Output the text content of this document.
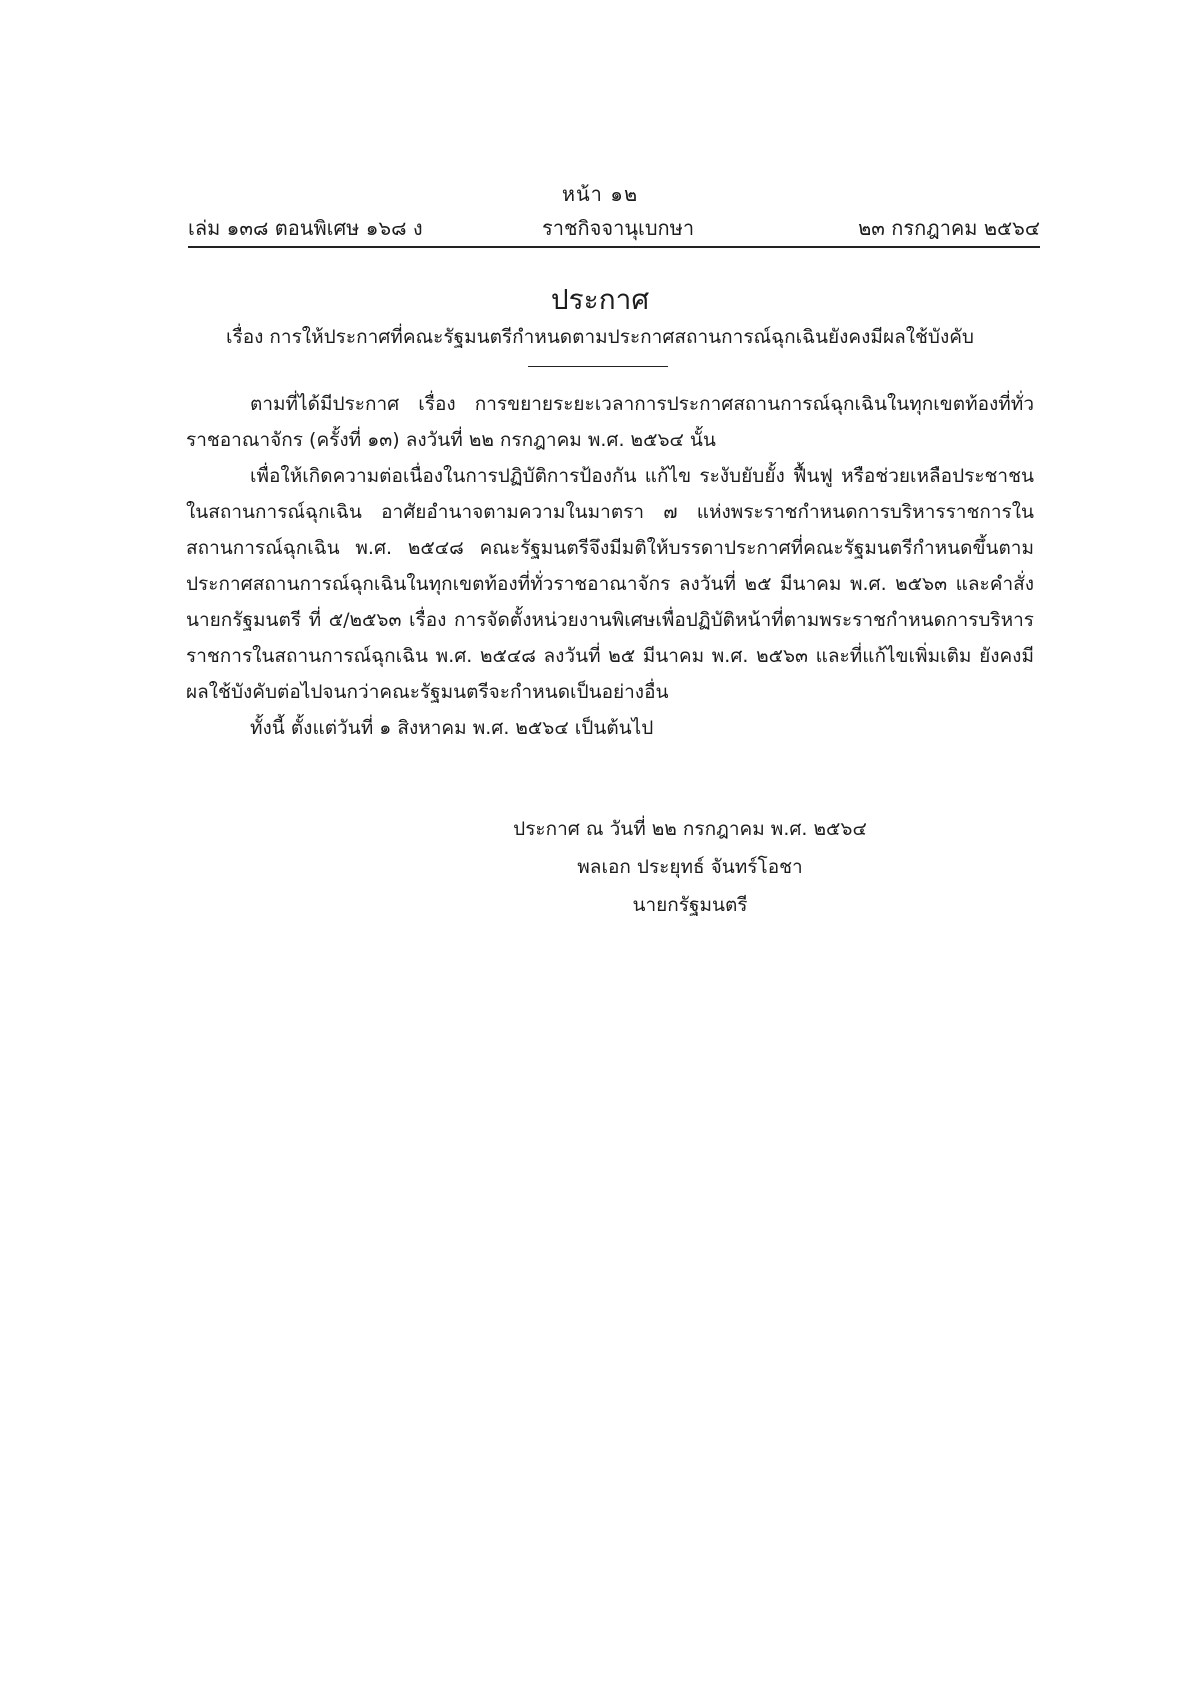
หน้า ๑๒
เล่ม ๑๓๘ ตอนพิเศษ ๑๖๘ ง	ราชกิจจานุเบกษา	๒๓ กรกฎาคม ๒๕๖๔
ประกาศ
เรื่อง การให้ประกาศที่คณะรัฐมนตรีกำหนดตามประกาศสถานการณ์ฉุกเฉินยังคงมีผลใช้บังคับ

ตามที่ได้มีประกาศ เรื่อง การขยายระยะเวลาการประกาศสถานการณ์ฉุกเฉินในทุกเขตท้องที่ทั่วราชอาณาจักร (ครั้งที่ ๑๓) ลงวันที่ ๒๒ กรกฎาคม พ.ศ. ๒๕๖๔ นั้น

เพื่อให้เกิดความต่อเนื่องในการปฏิบัติการป้องกัน แก้ไข ระงับยับยั้ง ฟื้นฟู หรือช่วยเหลือประชาชนในสถานการณ์ฉุกเฉิน อาศัยอำนาจตามความในมาตรา ๗ แห่งพระราชกำหนดการบริหารราชการในสถานการณ์ฉุกเฉิน พ.ศ. ๒๕๔๘ คณะรัฐมนตรีจึงมีมติให้บรรดาประกาศที่คณะรัฐมนตรีกำหนดขึ้นตามประกาศสถานการณ์ฉุกเฉินในทุกเขตท้องที่ทั่วราชอาณาจักร ลงวันที่ ๒๕ มีนาคม พ.ศ. ๒๕๖๓ และคำสั่งนายกรัฐมนตรี ที่ ๕/๒๕๖๓ เรื่อง การจัดตั้งหน่วยงานพิเศษเพื่อปฏิบัติหน้าที่ตามพระราชกำหนดการบริหารราชการในสถานการณ์ฉุกเฉิน พ.ศ. ๒๕๔๘ ลงวันที่ ๒๕ มีนาคม พ.ศ. ๒๕๖๓ และที่แก้ไขเพิ่มเติม ยังคงมีผลใช้บังคับต่อไปจนกว่าคณะรัฐมนตรีจะกำหนดเป็นอย่างอื่น

ทั้งนี้ ตั้งแต่วันที่ ๑ สิงหาคม พ.ศ. ๒๕๖๔ เป็นต้นไป

ประกาศ ณ วันที่ ๒๒ กรกฎาคม พ.ศ. ๒๕๖๔
พลเอก ประยุทธ์ จันทร์โอชา
นายกรัฐมนตรี
